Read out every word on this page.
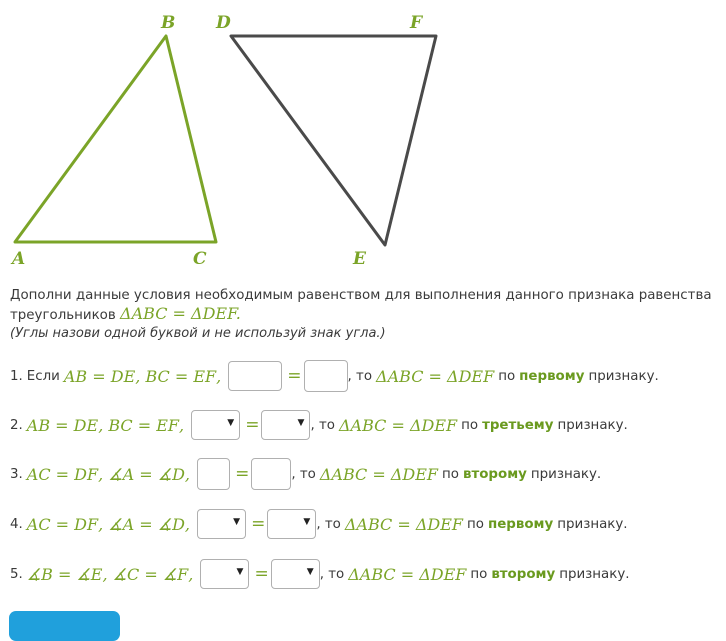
A
B
C
D
E
F
Дополни данные условия необходимым равенством для выполнения данного признака равенства
треугольников ΔABC = ΔDEF.
(Углы назови одной буквой и не используй знак угла.)
1. Если AB = DE , BC = EF ,	=	, то ΔABC = ΔDEF по первому признаку.
2. AB = DE , BC = EF ,	▼ =	▼ , то ΔABC = ΔDEF по третьему признаку.
3. AC = DF , ∡A = ∡D , =	, то ΔABC = ΔDEF по второму признаку.
4. AC = DF , ∡A = ∡D ,	▼ =	▼ , то ΔABC = ΔDEF по первому признаку.
5. ∡B = ∡E , ∡C = ∡F ,	▼ =	▼ , то ΔABC = ΔDEF по второму признаку.
